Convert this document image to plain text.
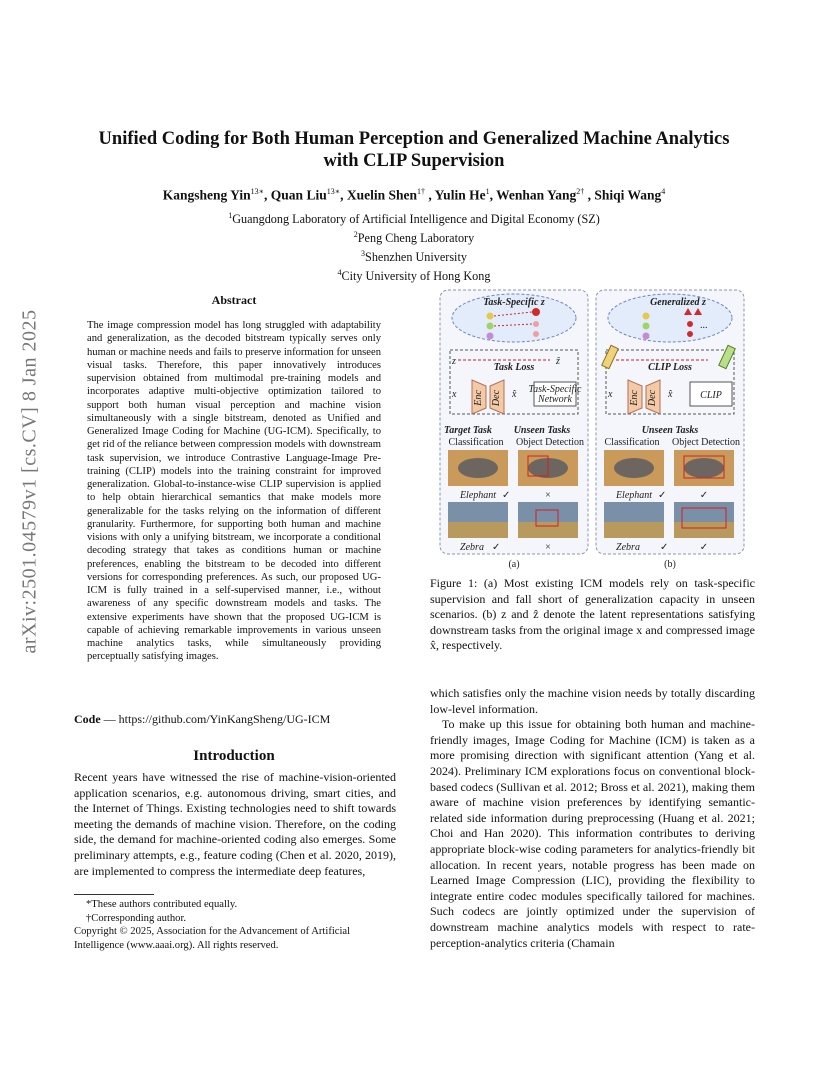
arXiv:2501.04579v1 [cs.CV] 8 Jan 2025
Unified Coding for Both Human Perception and Generalized Machine Analytics
with CLIP Supervision
Kangsheng Yin$^{13∗}$, Quan Liu$^{13∗}$, Xuelin Shen$^{1\dagger}$ , Yulin He$^1$, Wenhan Yang$^{2\dagger}$ , Shiqi Wang$^4$
$^1$Guangdong Laboratory of Artificial Intelligence and Digital Economy (SZ)
$^2$Peng Cheng Laboratory
$^3$Shenzhen University
$^4$City University of Hong Kong
Abstract
The image compression model has long struggled with adaptability and generalization, as the decoded bitstream typically serves only human or machine needs and fails to preserve information for unseen visual tasks. Therefore, this paper innovatively introduces supervision obtained from multimodal pre-training models and incorporates adaptive multi-objective optimization tailored to support both human visual perception and machine vision simultaneously with a single bitstream, denoted as Unified and Generalized Image Coding for Machine (UG-ICM). Specifically, to get rid of the reliance between compression models with downstream task supervision, we introduce Contrastive Language-Image Pre-training (CLIP) models into the training constraint for improved generalization. Global-to-instance-wise CLIP supervision is applied to help obtain hierarchical semantics that make models more generalizable for the tasks relying on the information of different granularity. Furthermore, for supporting both human and machine visions with only a unifying bitstream, we incorporate a conditional decoding strategy that takes as conditions human or machine preferences, enabling the bitstream to be decoded into different versions for corresponding preferences. As such, our proposed UG-ICM is fully trained in a self-supervised manner, i.e., without awareness of any specific downstream models and tasks. The extensive experiments have shown that the proposed UG-ICM is capable of achieving remarkable improvements in various unseen machine analytics tasks, while simultaneously providing perceptually satisfying images.
Code — https://github.com/YinKangSheng/UG-ICM
Introduction
Recent years have witnessed the rise of machine-vision-oriented application scenarios, e.g. autonomous driving, smart cities, and the Internet of Things. Existing technologies need to shift towards meeting the demands of machine vision. Therefore, on the coding side, the demand for machine-oriented coding also emerges. Some preliminary attempts, e.g., feature coding (Chen et al. 2020, 2019), are implemented to compress the intermediate deep features,
*These authors contributed equally.
†Corresponding author.
Copyright © 2025, Association for the Advancement of Artificial Intelligence (www.aaai.org). All rights reserved.
Task-Specific z
Task Loss
z	ẑ
x Enc Dec x̂ Task-Specific
Network
Target Task Unseen Tasks
Classification Object Detection
Elephant ✓	×
Zebra ✓	×
(a)
Generalized z
...
CLIP Loss
x Enc Dec x̂	CLIP
Unseen Tasks
Classification Object Detection
Elephant ✓	✓
Zebra ✓	✓
(b)
Figure 1: (a) Most existing ICM models rely on task-specific supervision and fall short of generalization capacity in unseen scenarios. (b) z and ẑ denote the latent representations satisfying downstream tasks from the original image x and compressed image x̂, respectively.
which satisfies only the machine vision needs by totally discarding low-level information.
To make up this issue for obtaining both human and machine-friendly images, Image Coding for Machine (ICM) is taken as a more promising direction with significant attention (Yang et al. 2024). Preliminary ICM explorations focus on conventional block-based codecs (Sullivan et al. 2012; Bross et al. 2021), making them aware of machine vision preferences by identifying semantic-related side information during preprocessing (Huang et al. 2021; Choi and Han 2020). This information contributes to deriving appropriate block-wise coding parameters for analytics-friendly bit allocation. In recent years, notable progress has been made on Learned Image Compression (LIC), providing the flexibility to integrate entire codec modules specifically tailored for machines. Such codecs are jointly optimized under the supervision of downstream machine analytics models with respect to rate-perception-analytics criteria (Chamain
